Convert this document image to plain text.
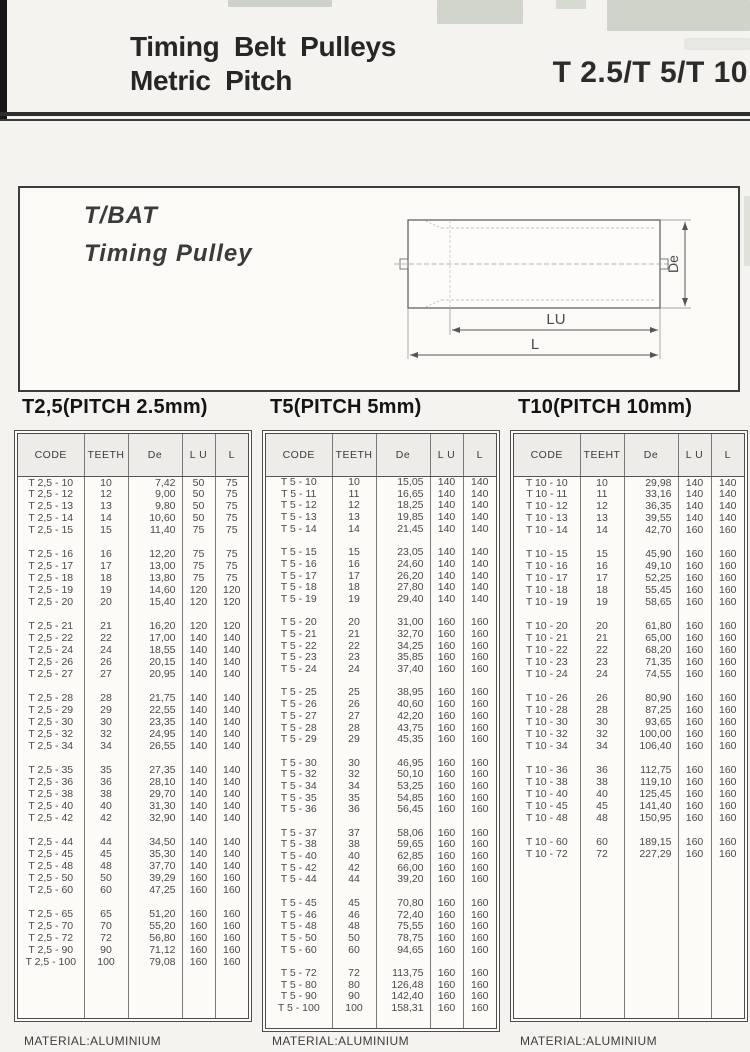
Timing Belt Pulleys
Metric Pitch	T 2.5/T 5/T 10
T/BAT
Timing Pulley	De
LU
L
T2,5(PITCH 2.5mm)
CODE	TEETH	De	L U	L
T 2,5 - 10	10	7,42	50	75
T 2,5 - 12	12	9,00	50	75
T 2,5 - 13	13	9,80	50	75
T 2,5 - 14	14	10,60	50	75
T 2,5 - 15	15	11,40	75	75

T 2,5 - 16	16	12,20	75	75
T 2,5 - 17	17	13,00	75	75
T 2,5 - 18	18	13,80	75	75
T 2,5 - 19	19	14,60	120	120
T 2,5 - 20	20	15,40	120	120

T 2,5 - 21	21	16,20	120	120
T 2,5 - 22	22	17,00	140	140
T 2,5 - 24	24	18,55	140	140
T 2,5 - 26	26	20,15	140	140
T 2,5 - 27	27	20,95	140	140

T 2,5 - 28	28	21,75	140	140
T 2,5 - 29	29	22,55	140	140
T 2,5 - 30	30	23,35	140	140
T 2,5 - 32	32	24,95	140	140
T 2,5 - 34	34	26,55	140	140

T 2,5 - 35	35	27,35	140	140
T 2,5 - 36	36	28,10	140	140
T 2,5 - 38	38	29,70	140	140
T 2,5 - 40	40	31,30	140	140
T 2,5 - 42	42	32,90	140	140

T 2,5 - 44	44	34,50	140	140
T 2,5 - 45	45	35,30	140	140
T 2,5 - 48	48	37,70	140	140
T 2,5 - 50	50	39,29	160	160
T 2,5 - 60	60	47,25	160	160

T 2,5 - 65	65	51,20	160	160
T 2,5 - 70	70	55,20	160	160
T 2,5 - 72	72	56,80	160	160
T 2,5 - 90	90	71,12	160	160
T 2,5 - 100	100	79,08	160	160

MATERIAL:ALUMINIUM
T5(PITCH 5mm)
CODE	TEETH	De	L U	L
T 5 - 10	10	15,05	140	140
T 5 - 11	11	16,65	140	140
T 5 - 12	12	18,25	140	140
T 5 - 13	13	19,85	140	140
T 5 - 14	14	21,45	140	140

T 5 - 15	15	23,05	140	140
T 5 - 16	16	24,60	140	140
T 5 - 17	17	26,20	140	140
T 5 - 18	18	27,80	140	140
T 5 - 19	19	29,40	140	140

T 5 - 20	20	31,00	160	160
T 5 - 21	21	32,70	160	160
T 5 - 22	22	34,25	160	160
T 5 - 23	23	35,85	160	160
T 5 - 24	24	37,40	160	160

T 5 - 25	25	38,95	160	160
T 5 - 26	26	40,60	160	160
T 5 - 27	27	42,20	160	160
T 5 - 28	28	43,75	160	160
T 5 - 29	29	45,35	160	160

T 5 - 30	30	46,95	160	160
T 5 - 32	32	50,10	160	160
T 5 - 34	34	53,25	160	160
T 5 - 35	35	54,85	160	160
T 5 - 36	36	56,45	160	160

T 5 - 37	37	58,06	160	160
T 5 - 38	38	59,65	160	160
T 5 - 40	40	62,85	160	160
T 5 - 42	42	66,00	160	160
T 5 - 44	44	39,20	160	160

T 5 - 45	45	70,80	160	160
T 5 - 46	46	72,40	160	160
T 5 - 48	48	75,55	160	160
T 5 - 50	50	78,75	160	160
T 5 - 60	60	94,65	160	160

T 5 - 72	72	113,75	160	160
T 5 - 80	80	126,48	160	160
T 5 - 90	90	142,40	160	160
T 5 - 100	100	158,31	160	160

MATERIAL:ALUMINIUM
T10(PITCH 10mm)
CODE	TEEHT	De	L U	L
T 10 - 10	10	29,98	140	140
T 10 - 11	11	33,16	140	140
T 10 - 12	12	36,35	140	140
T 10 - 13	13	39,55	140	140
T 10 - 14	14	42,70	160	160

T 10 - 15	15	45,90	160	160
T 10 - 16	16	49,10	160	160
T 10 - 17	17	52,25	160	160
T 10 - 18	18	55,45	160	160
T 10 - 19	19	58,65	160	160

T 10 - 20	20	61,80	160	160
T 10 - 21	21	65,00	160	160
T 10 - 22	22	68,20	160	160
T 10 - 23	23	71,35	160	160
T 10 - 24	24	74,55	160	160

T 10 - 26	26	80,90	160	160
T 10 - 28	28	87,25	160	160
T 10 - 30	30	93,65	160	160
T 10 - 32	32	100,00	160	160
T 10 - 34	34	106,40	160	160

T 10 - 36	36	112,75	160	160
T 10 - 38	38	119,10	160	160
T 10 - 40	40	125,45	160	160
T 10 - 45	45	141,40	160	160
T 10 - 48	48	150,95	160	160

T 10 - 60	60	189,15	160	160
T 10 - 72	72	227,29	160	160

MATERIAL:ALUMINIUM
